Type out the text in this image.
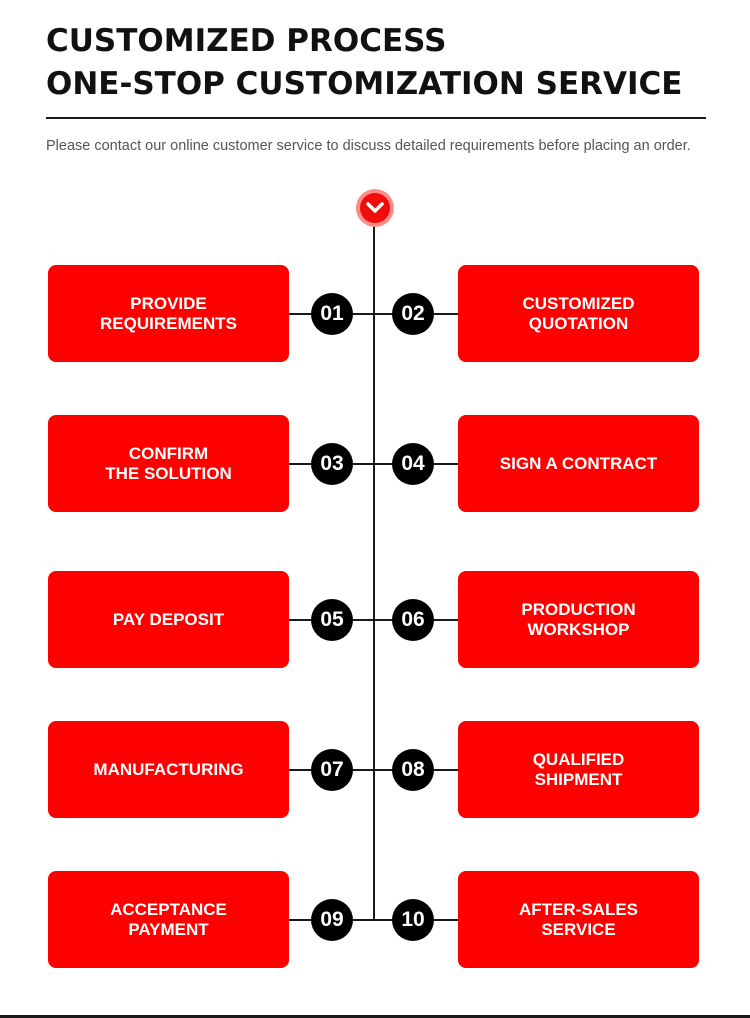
CUSTOMIZED PROCESS
ONE-STOP CUSTOMIZATION SERVICE
Please contact our online customer service to discuss detailed requirements before placing an order.
PROVIDE
REQUIREMENTS	01	CUSTOMIZED
QUOTATION
02
CONFIRM
THE SOLUTION	03	SIGN A CONTRACT
04
PAY DEPOSIT	05	PRODUCTION
WORKSHOP
06
MANUFACTURING	07	QUALIFIED
SHIPMENT
08
ACCEPTANCE
PAYMENT	09	AFTER-SALES
SERVICE
10
